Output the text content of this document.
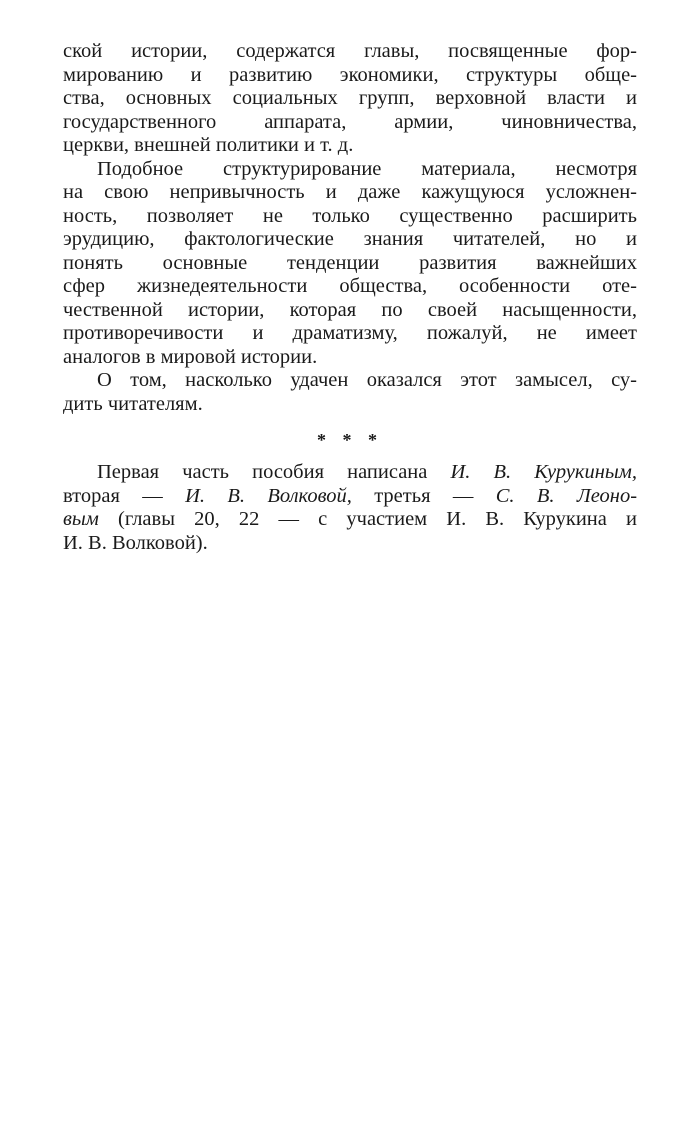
ской истории, содержатся главы, посвященные фор-
мированию и развитию экономики, структуры обще-
ства, основных социальных групп, верховной власти и
государственного аппарата, армии, чиновничества,
церкви, внешней политики и т. д.
Подобное структурирование материала, несмотря
на свою непривычность и даже кажущуюся усложнен-
ность, позволяет не только существенно расширить
эрудицию, фактологические знания читателей, но и
понять основные тенденции развития важнейших
сфер жизнедеятельности общества, особенности оте-
чественной истории, которая по своей насыщенности,
противоречивости и драматизму, пожалуй, не имеет
аналогов в мировой истории.
О том, насколько удачен оказался этот замысел, су-
дить читателям.
* * *
Первая часть пособия написана И. В. Курукиным,
вторая — И. В. Волковой, третья — С. В. Леоно-
вым (главы 20, 22 — с участием И. В. Курукина и
И. В. Волковой).
